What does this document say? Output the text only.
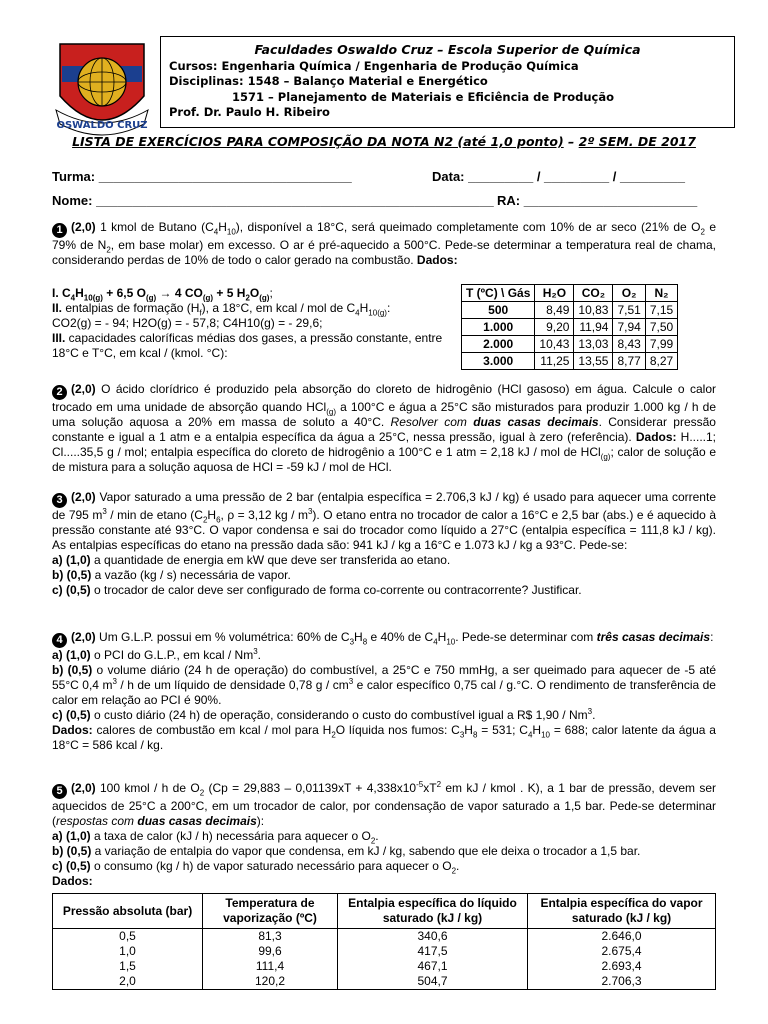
OSWALDO CRUZ
Faculdades Oswaldo Cruz – Escola Superior de Química
Cursos: Engenharia Química / Engenharia de Produção Química
Disciplinas: 1548 – Balanço Material e Energético
1571 – Planejamento de Materiais e Eficiência de Produção
Prof. Dr. Paulo H. Ribeiro
LISTA DE EXERCÍCIOS PARA COMPOSIÇÃO DA NOTA N2 (até 1,0 ponto) – 2º SEM. DE 2017
Turma: ___________________________________	Data: _________ / _________ / _________
Nome: _______________________________________________________ RA: ________________________

1 (2,0) 1 kmol de Butano $(C_4H_{10})$, disponível a 18°C, será queimado completamente com 10% de ar seco (21% de $O_2$ e 79% de $N_2$, em base molar) em excesso. O ar é pré-aquecido a 500°C. Pede-se determinar a temperatura real de chama, considerando perdas de 10% de todo o calor gerado na combustão. Dados:

I. $C_4H_{10(g)} + 6,5$ $O_{(g)} \to 4$ $CO_{(g)} + 5$ $H_2O_{(g)}$;

II. entalpias de formação $(H_f)$, a 18°C, em kcal / mol de $C_4H_{10(g)}$:

CO2(g) = - 94; H2O(g) = - 57,8; C4H10(g) = - 29,6;

III. capacidades caloríficas médias dos gases, a pressão constante, entre 18°C e T°C, em kcal / (kmol. °C):

T (ºC) \ Gás	H₂O	CO₂	O₂	N₂
500	8,49	10,83	7,51	7,15
1.000	9,20	11,94	7,94	7,50
2.000	10,43	13,03	8,43	7,99
3.000	11,25	13,55	8,77	8,27

2 (2,0) O ácido clorídrico é produzido pela absorção do cloreto de hidrogênio (HCl gasoso) em água. Calcule o calor trocado em uma unidade de absorção quando HCl$_{(g)}$ a 100°C e água a 25°C são misturados para produzir 1.000 kg / h de uma solução aquosa a 20% em massa de soluto a 40°C. Resolver com duas casas decimais. Considerar pressão constante e igual a 1 atm e a entalpia específica da água a 25°C, nessa pressão, igual à zero (referência). Dados: H.....1; Cl.....35,5 g / mol; entalpia específica do cloreto de hidrogênio a 100°C e 1 atm = 2,18 kJ / mol de HCl$_{(g)}$; calor de solução e de mistura para a solução aquosa de HCl = -59 kJ / mol de HCl.

3 (2,0) Vapor saturado a uma pressão de 2 bar (entalpia específica = 2.706,3 kJ / kg) é usado para aquecer uma corrente de 795 $m^3$ / min de etano ($C_2H_6$, ρ = 3,12 kg / $m^3$). O etano entra no trocador de calor a 16°C e 2,5 bar (abs.) e é aquecido à pressão constante até 93°C. O vapor condensa e sai do trocador como líquido a 27°C (entalpia específica = 111,8 kJ / kg). As entalpias específicas do etano na pressão dada são: 941 kJ / kg a 16°C e 1.073 kJ / kg a 93°C. Pede-se:

a) (1,0) a quantidade de energia em kW que deve ser transferida ao etano.

b) (0,5) a vazão (kg / s) necessária de vapor.

c) (0,5) o trocador de calor deve ser configurado de forma co-corrente ou contracorrente? Justificar.

4 (2,0) Um G.L.P. possui em % volumétrica: 60% de $C_3H_8$ e 40% de $C_4H_{10}$. Pede-se determinar com três casas decimais:

a) (1,0) o PCI do G.L.P., em kcal / Nm$^3$.

b) (0,5) o volume diário (24 h de operação) do combustível, a 25°C e 750 mmHg, a ser queimado para aquecer de -5 até 55°C 0,4 $m^3$ / h de um líquido de densidade 0,78 g / $cm^3$ e calor específico 0,75 cal / g.°C. O rendimento de transferência de calor em relação ao PCI é 90%.

c) (0,5) o custo diário (24 h) de operação, considerando o custo do combustível igual a R$ 1,90 / Nm$^3$.

Dados: calores de combustão em kcal / mol para $H_2O$ líquida nos fumos: $C_3H_8 = 531$; $C_4H_{10} = 688$; calor latente da água a 18°C = 586 kcal / kg.

5 (2,0) 100 kmol / h de $O_2$ ($Cp = 29,883 - 0,01139xT + 4,338x10^{-5}xT^2$ em kJ / kmol . K), a 1 bar de pressão, devem ser aquecidos de 25°C a 200°C, em um trocador de calor, por condensação de vapor saturado a 1,5 bar. Pede-se determinar (respostas com duas casas decimais):

a) (1,0) a taxa de calor (kJ / h) necessária para aquecer o $O_2$.

b) (0,5) a variação de entalpia do vapor que condensa, em kJ / kg, sabendo que ele deixa o trocador a 1,5 bar.

c) (0,5) o consumo (kg / h) de vapor saturado necessário para aquecer o $O_2$.

Dados:

Pressão absoluta (bar)	Temperatura de vaporização (ºC)	Entalpia específica do líquido saturado (kJ / kg)	Entalpia específica do vapor saturado (kJ / kg)
0,5	81,3	340,6	2.646,0
1,0	99,6	417,5	2.675,4
1,5	111,4	467,1	2.693,4
2,0	120,2	504,7	2.706,3
